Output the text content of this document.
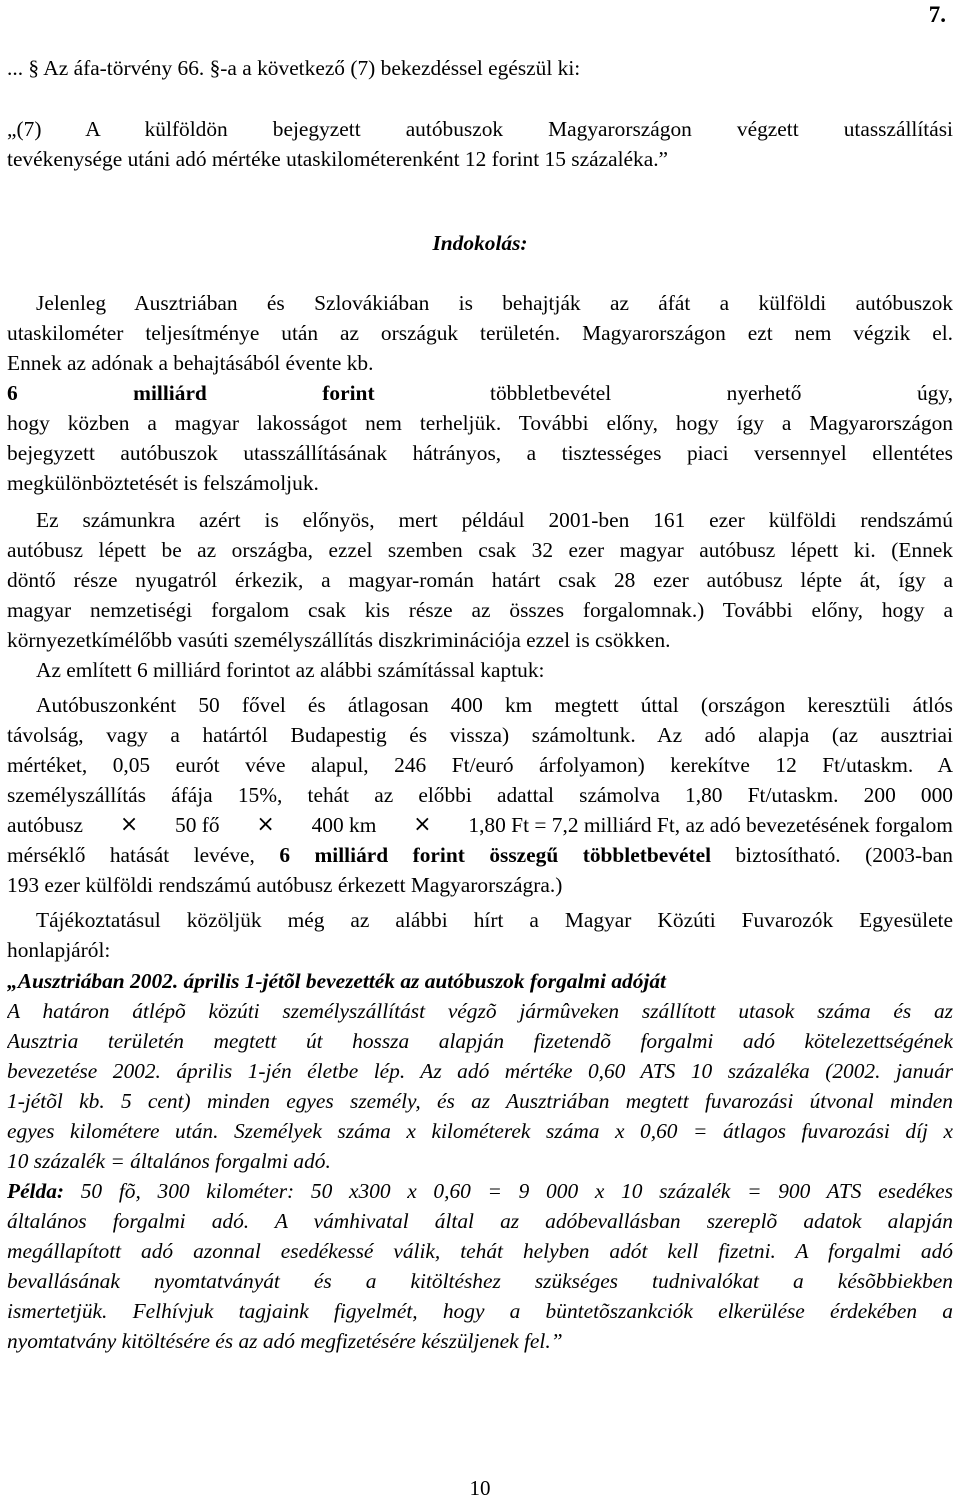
7.
... § Az áfa-törvény 66. §-a a következő (7) bekezdéssel egészül ki:
„(7) A külföldön bejegyzett autóbuszok Magyarországon végzett utasszállítási
tevékenysége utáni adó mértéke utaskilométerenként 12 forint 15 százaléka.”
Indokolás:
Jelenleg Ausztriában és Szlovákiában is behajtják az áfát a külföldi autóbuszok
utaskilométer teljesítménye után az országuk területén. Magyarországon ezt nem végzik el.
Ennek az adónak a behajtásából évente kb.
6 milliárd forint	többletbevétel nyerhető úgy,
hogy közben a magyar lakosságot nem terheljük. További előny, hogy így a Magyarországon
bejegyzett autóbuszok utasszállításának hátrányos, a tisztességes piaci versennyel ellentétes
megkülönböztetését is felszámoljuk.
Ez számunkra azért is előnyös, mert például 2001-ben 161 ezer külföldi rendszámú
autóbusz lépett be az országba, ezzel szemben csak 32 ezer magyar autóbusz lépett ki. (Ennek
döntő része nyugatról érkezik, a magyar-román határt csak 28 ezer autóbusz lépte át, így a
magyar nemzetiségi forgalom csak kis része az összes forgalomnak.) További előny, hogy a
környezetkímélőbb vasúti személyszállítás diszkriminációja ezzel is csökken.
Az említett 6 milliárd forintot az alábbi számítással kaptuk:
Autóbuszonként 50 fővel és átlagosan 400 km megtett úttal (országon keresztüli átlós
távolság, vagy a határtól Budapestig és vissza) számoltunk. Az adó alapja (az ausztriai
mértéket, 0,05 eurót véve alapul, 246 Ft/euró árfolyamon) kerekítve 12 Ft/utaskm. A
személyszállítás áfája 15%, tehát az előbbi adattal számolva 1,80 Ft/utaskm. 200 000
autóbusz × 50 fő × 400 km × 1,80 Ft = 7,2 milliárd Ft, az adó bevezetésének forgalom
mérséklő hatását levéve, 6 milliárd forint összegű többletbevétel biztosítható. (2003-ban
193 ezer külföldi rendszámú autóbusz érkezett Magyarországra.)
Tájékoztatásul közöljük még az alábbi hírt a Magyar Közúti Fuvarozók Egyesülete
honlapjáról:
„Ausztriában 2002. április 1-jétõl bevezették az autóbuszok forgalmi adóját
A határon átlépõ közúti személyszállítást végzõ jármûveken szállított utasok száma és az
Ausztria területén megtett út hossza alapján fizetendõ forgalmi adó kötelezettségének
bevezetése 2002. április 1-jén életbe lép. Az adó mértéke 0,60 ATS 10 százaléka (2002. január
1-jétõl kb. 5 cent) minden egyes személy, és az Ausztriában megtett fuvarozási útvonal minden
egyes kilométere után. Személyek száma x kilométerek száma x 0,60 = átlagos fuvarozási díj x
10 százalék = általános forgalmi adó.
Példa: 50 fõ, 300 kilométer: 50 x300 x 0,60 = 9 000 x 10 százalék = 900 ATS esedékes
általános forgalmi adó. A vámhivatal által az adóbevallásban szereplõ adatok alapján
megállapított adó azonnal esedékessé válik, tehát helyben adót kell fizetni. A forgalmi adó
bevallásának nyomtatványát és a kitöltéshez szükséges tudnivalókat a késõbbiekben
ismertetjük. Felhívjuk tagjaink figyelmét, hogy a büntetõszankciók elkerülése érdekében a
nyomtatvány kitöltésére és az adó megfizetésére készüljenek fel.”
10
